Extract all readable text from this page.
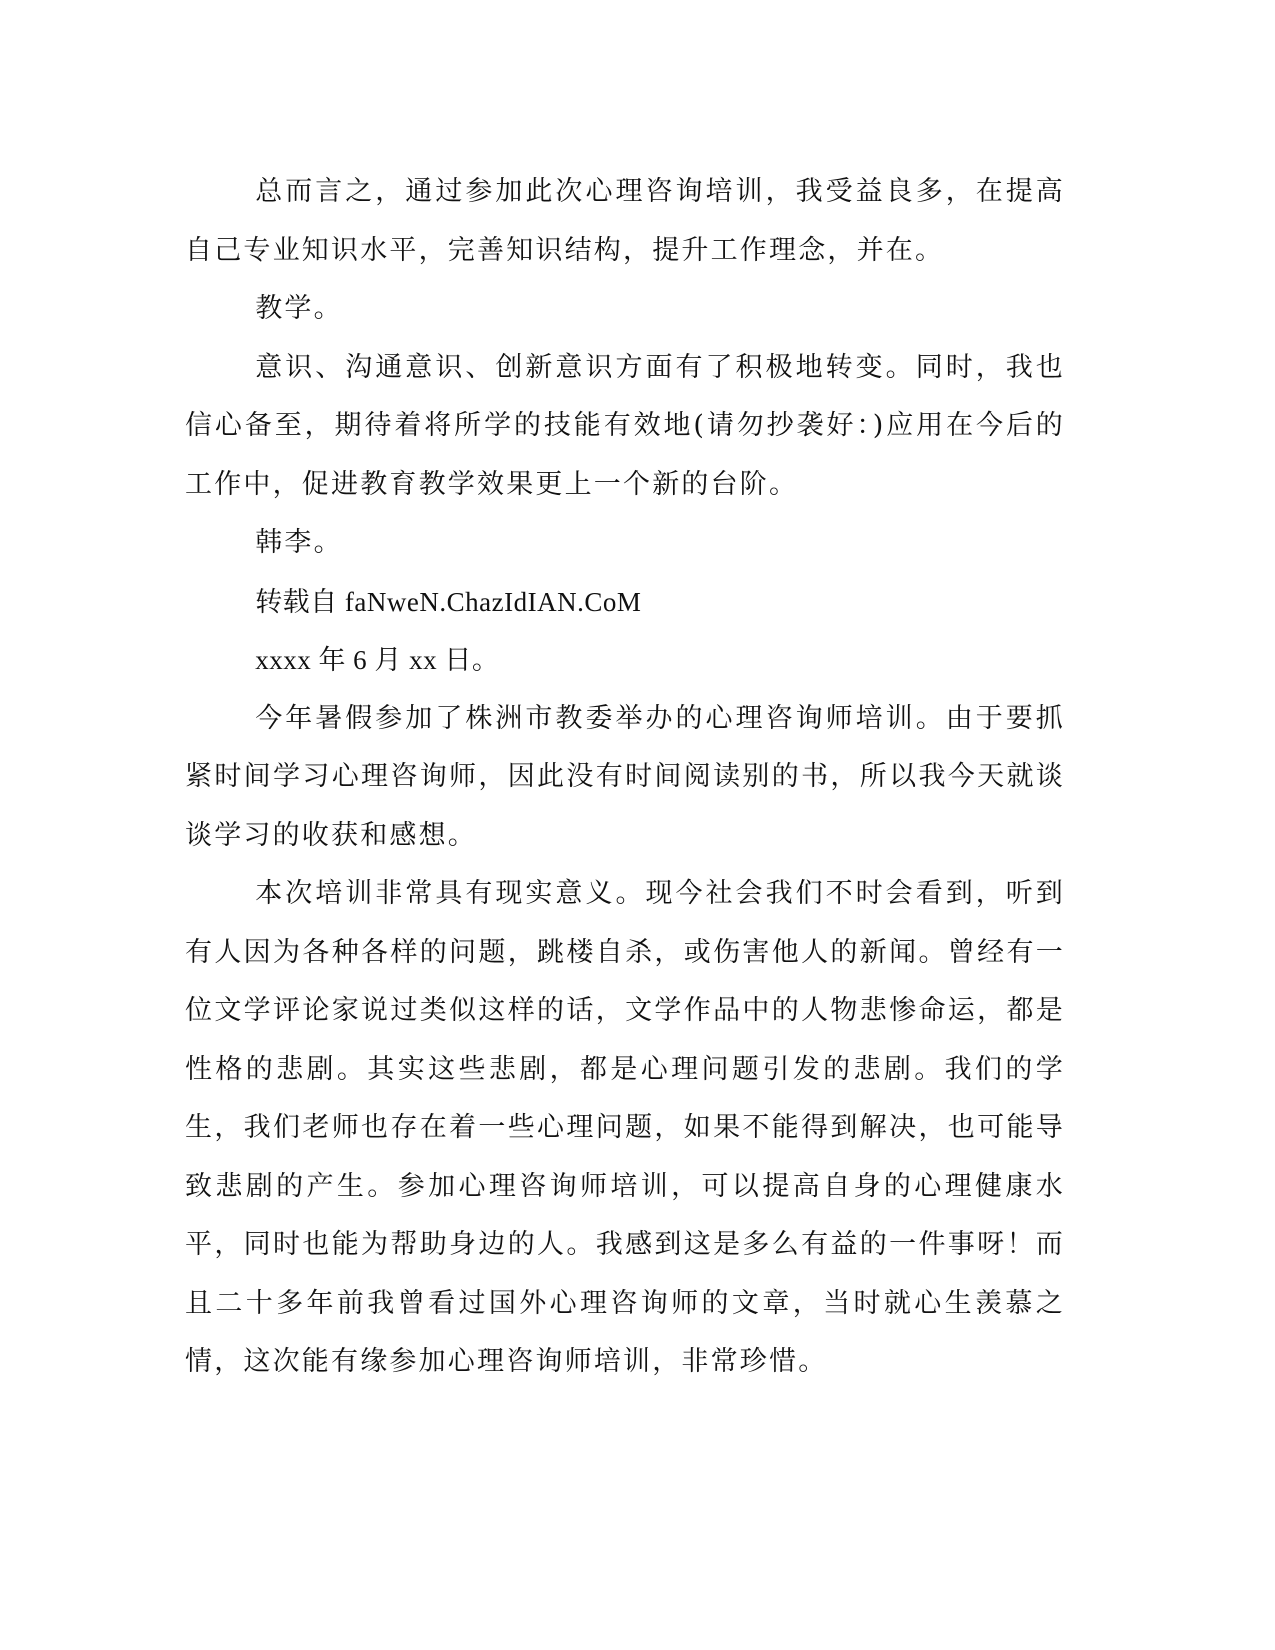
总而言之，通过参加此次心理咨询培训，我受益良多，在提高自己专业知识水平，完善知识结构，提升工作理念，并在。

教学。

意识、沟通意识、创新意识方面有了积极地转变。同时，我也信心备至，期待着将所学的技能有效地(请勿抄袭好：)应用在今后的工作中，促进教育教学效果更上一个新的台阶。

韩李。

转载自 faNweN.ChazIdIAN.CoM

xxxx 年 6 月 xx 日。

今年暑假参加了株洲市教委举办的心理咨询师培训。由于要抓紧时间学习心理咨询师，因此没有时间阅读别的书，所以我今天就谈谈学习的收获和感想。

本次培训非常具有现实意义。现今社会我们不时会看到，听到有人因为各种各样的问题，跳楼自杀，或伤害他人的新闻。曾经有一位文学评论家说过类似这样的话，文学作品中的人物悲惨命运，都是性格的悲剧。其实这些悲剧，都是心理问题引发的悲剧。我们的学生，我们老师也存在着一些心理问题，如果不能得到解决，也可能导致悲剧的产生。参加心理咨询师培训，可以提高自身的心理健康水平，同时也能为帮助身边的人。我感到这是多么有益的一件事呀！而且二十多年前我曾看过国外心理咨询师的文章，当时就心生羡慕之情，这次能有缘参加心理咨询师培训，非常珍惜。
